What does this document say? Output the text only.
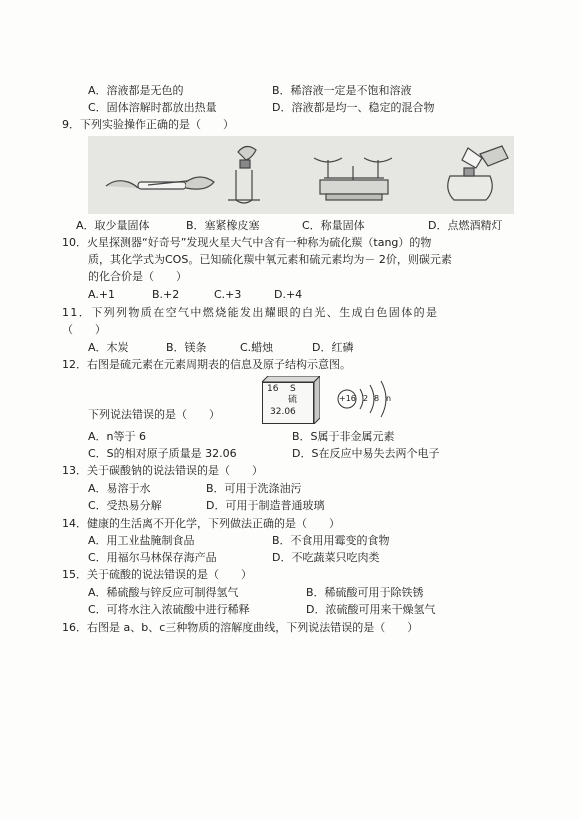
A．溶液都是无色的	B．稀溶液一定是不饱和溶液
C．固体溶解时都放出热量	D．溶液都是均一、稳定的混合物
9．下列实验操作正确的是（　　）
A．取少量固体	B．塞紧橡皮塞	C．称量固体	D．点燃酒精灯
10．火星探测器“好奇号”发现火星大气中含有一种称为硫化羰（tang）的物
质，其化学式为COS。已知硫化羰中氧元素和硫元素均为－ 2价，则碳元素
的化合价是（　　）
A.+1	B.+2	C.+3	D.+4
11．下列列物质在空气中燃烧能发出耀眼的白光、生成白色固体的是
（　　）
A．木炭	B．镁条	C.蜡烛	D．红磷
12．右图是硫元素在元素周期表的信息及原子结构示意图。
16 S
硫
32.06
+16 2 8 n
下列说法错误的是（　　）
A．n等于 6	B．S属于非金属元素
C．S的相对原子质量是 32.06	D．S在反应中易失去两个电子
13．关于碳酸钠的说法错误的是（　　）
A．易溶于水	B．可用于洗涤油污
C．受热易分解	D．可用于制造普通玻璃
14．健康的生活离不开化学，下列做法正确的是（　　）
A．用工业盐腌制食品	B．不食用用霉变的食物
C．用福尔马林保存海产品	D．不吃蔬菜只吃肉类
15．关于硫酸的说法错误的是（　　）
A．稀硫酸与锌反应可制得氢气	B．稀硫酸可用于除铁锈
C．可将水注入浓硫酸中进行稀释	D．浓硫酸可用来干燥氢气
16．右图是 a、b、c三种物质的溶解度曲线，下列说法错误的是（　　）
